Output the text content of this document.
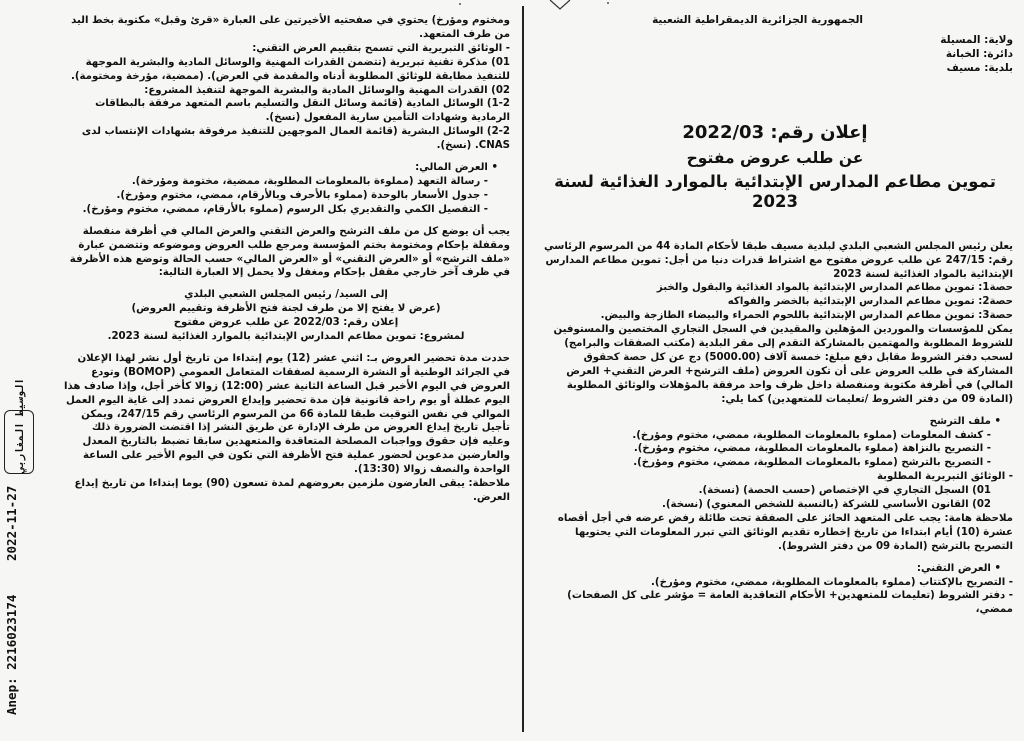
الجمهورية الجزائرية الديمقراطية الشعبية

ولاية: المسيلة

دائرة: الخبانة

بلدية: مسيف

إعلان رقم: 2022/03

عن طلب عروض مفتوح

تموين مطاعم المدارس الإبتدائية بالموارد الغذائية لسنة 2023

يعلن رئيس المجلس الشعبي البلدي لبلدية مسيف طبقا لأحكام المادة 44 من المرسوم الرئاسي رقم: 247/15 عن طلب عروض مفتوح مع اشتراط قدرات دنيا من أجل: تموين مطاعم المدارس الإبتدائية بالمواد الغذائية لسنة 2023

حصة1: تموين مطاعم المدارس الإبتدائية بالمواد الغذائية والبقول والخبز

حصة2: تموين مطاعم المدارس الإبتدائية بالخضر والفواكه

حصة3: تموين مطاعم المدارس الإبتدائية باللحوم الحمراء والبيضاء الطازجة والبيض.

يمكن للمؤسسات والموردين المؤهلين والمقيدين في السجل التجاري المختصين والمستوفين للشروط المطلوبة والمهتمين بالمشاركة التقدم إلى مقر البلدية (مكتب الصفقات والبرامج) لسحب دفتر الشروط مقابل دفع مبلغ: خمسة آلاف (5000.00) دج عن كل حصة كحقوق المشاركة في طلب العروض على أن تكون العروض (ملف الترشح+ العرض التقني+ العرض المالي) في أظرفة مكتوبة ومنفصلة داخل ظرف واحد مرفقة بالمؤهلات والوثائق المطلوبة (المادة 09 من دفتر الشروط /تعليمات للمتعهدين) كما يلي:

• ملف الترشح

- كشف المعلومات (مملوء بالمعلومات المطلوبة، ممضي، مختوم ومؤرخ).

- التصريح بالنزاهة (مملوء بالمعلومات المطلوبة، ممضي، مختوم ومؤرخ).

- التصريح بالترشح (مملوء بالمعلومات المطلوبة، ممضي، مختوم ومؤرخ).

- الوثائق التبريرية المطلوبة

01) السجل التجاري في الإختصاص (حسب الحصة) (نسخة).

02) القانون الأساسي للشركة (بالنسبة للشخص المعنوي) (نسخة).

ملاحظة هامة: يجب على المتعهد الحائز على الصفقة تحت طائلة رفض عرضه في أجل أقصاه عشرة (10) أيام ابتداءا من تاريخ إخطاره تقديم الوثائق التي تبرر المعلومات التي يحتويها التصريح بالترشح (المادة 09 من دفتر الشروط).

• العرض التقني:

- التصريح بالإكتتاب (مملوء بالمعلومات المطلوبة، ممضي، مختوم ومؤرخ).

- دفتر الشروط (تعليمات للمتعهدين+ الأحكام التعاقدية العامة = مؤشر على كل الصفحات) ممضي،

ومختوم ومؤرخ) يحتوي في صفحتيه الأخيرتين على العبارة «قرئ وقبل» مكتوبة بخط اليد من طرف المتعهد.

- الوثائق التبريرية التي تسمح بتقييم العرض التقني:

01) مذكرة تقنية تبريرية (تتضمن القدرات المهنية والوسائل المادية والبشرية الموجهة للتنفيذ مطابقة للوثائق المطلوبة أدناه والمقدمة في العرض). (ممضية، مؤرخة ومختومة).

02) القدرات المهنية والوسائل المادية والبشرية الموجهة لتنفيذ المشروع:

1-2) الوسائل المادية (قائمة وسائل النقل والتسليم باسم المتعهد مرفقة بالبطاقات الرمادية وشهادات التأمين سارية المفعول (نسخ).

2-2) الوسائل البشرية (قائمة العمال الموجهين للتنفيذ مرفوقة بشهادات الإنتساب لدى CNAS. (نسخ).

• العرض المالي:

- رسالة التعهد (مملوءة بالمعلومات المطلوبة، ممضية، مختومة ومؤرخة).

- جدول الأسعار بالوحدة (مملوء بالأحرف وبالأرقام، ممضي، مختوم ومؤرخ).

- التفصيل الكمي والتقديري بكل الرسوم (مملوء بالأرقام، ممضي، مختوم ومؤرخ).

يجب أن يوضع كل من ملف الترشح والعرض التقني والعرض المالي في أظرفة منفصلة ومقفلة بإحكام ومختومة بختم المؤسسة ومرجع طلب العروض وموضوعه وتتضمن عبارة «ملف الترشح» أو «العرض التقني» أو «العرض المالي» حسب الحالة وتوضع هذه الأظرفة في ظرف آخر خارجي مقفل بإحكام ومغفل ولا يحمل إلا العبارة التالية:

إلى السيد/ رئيس المجلس الشعبي البلدي

(عرض لا يفتح إلا من طرف لجنة فتح الأظرفة وتقييم العروض)

إعلان رقم: 2022/03 عن طلب عروض مفتوح

لمشروع: تموين مطاعم المدارس الإبتدائية بالموارد الغذائية لسنة 2023.

حددت مدة تحضير العروض بـ: اثني عشر (12) يوم إبتداءا من تاريخ أول نشر لهذا الإعلان في الجرائد الوطنية أو النشرة الرسمية لصفقات المتعامل العمومي (BOMOP) وتودع العروض في اليوم الأخير قبل الساعة الثانية عشر (12:00) زوالا كأخر أجل، وإذا صادف هذا اليوم عطلة أو يوم راحة قانونية فإن مدة تحضير وإيداع العروض تمدد إلى غاية اليوم العمل الموالي في نفس التوقيت طبقا للمادة 66 من المرسوم الرئاسي رقم 247/15، ويمكن تأجيل تاريخ إيداع العروض من طرف الإدارة عن طريق النشر إذا اقتضت الضرورة ذلك وعليه فإن حقوق وواجبات المصلحة المتعاقدة والمتعهدين سابقا تضبط بالتاريخ المعدل والعارضين مدعوين لحضور عملية فتح الأظرفة التي تكون في اليوم الأخير على الساعة الواحدة والنصف زوالا (13:30).

ملاحظة: يبقى العارضون ملزمين بعروضهم لمدة تسعون (90) يوما إبتداءا من تاريخ إيداع العرض.

الوسيط المغاربي
2022-11-27
Anep: 2216023174
